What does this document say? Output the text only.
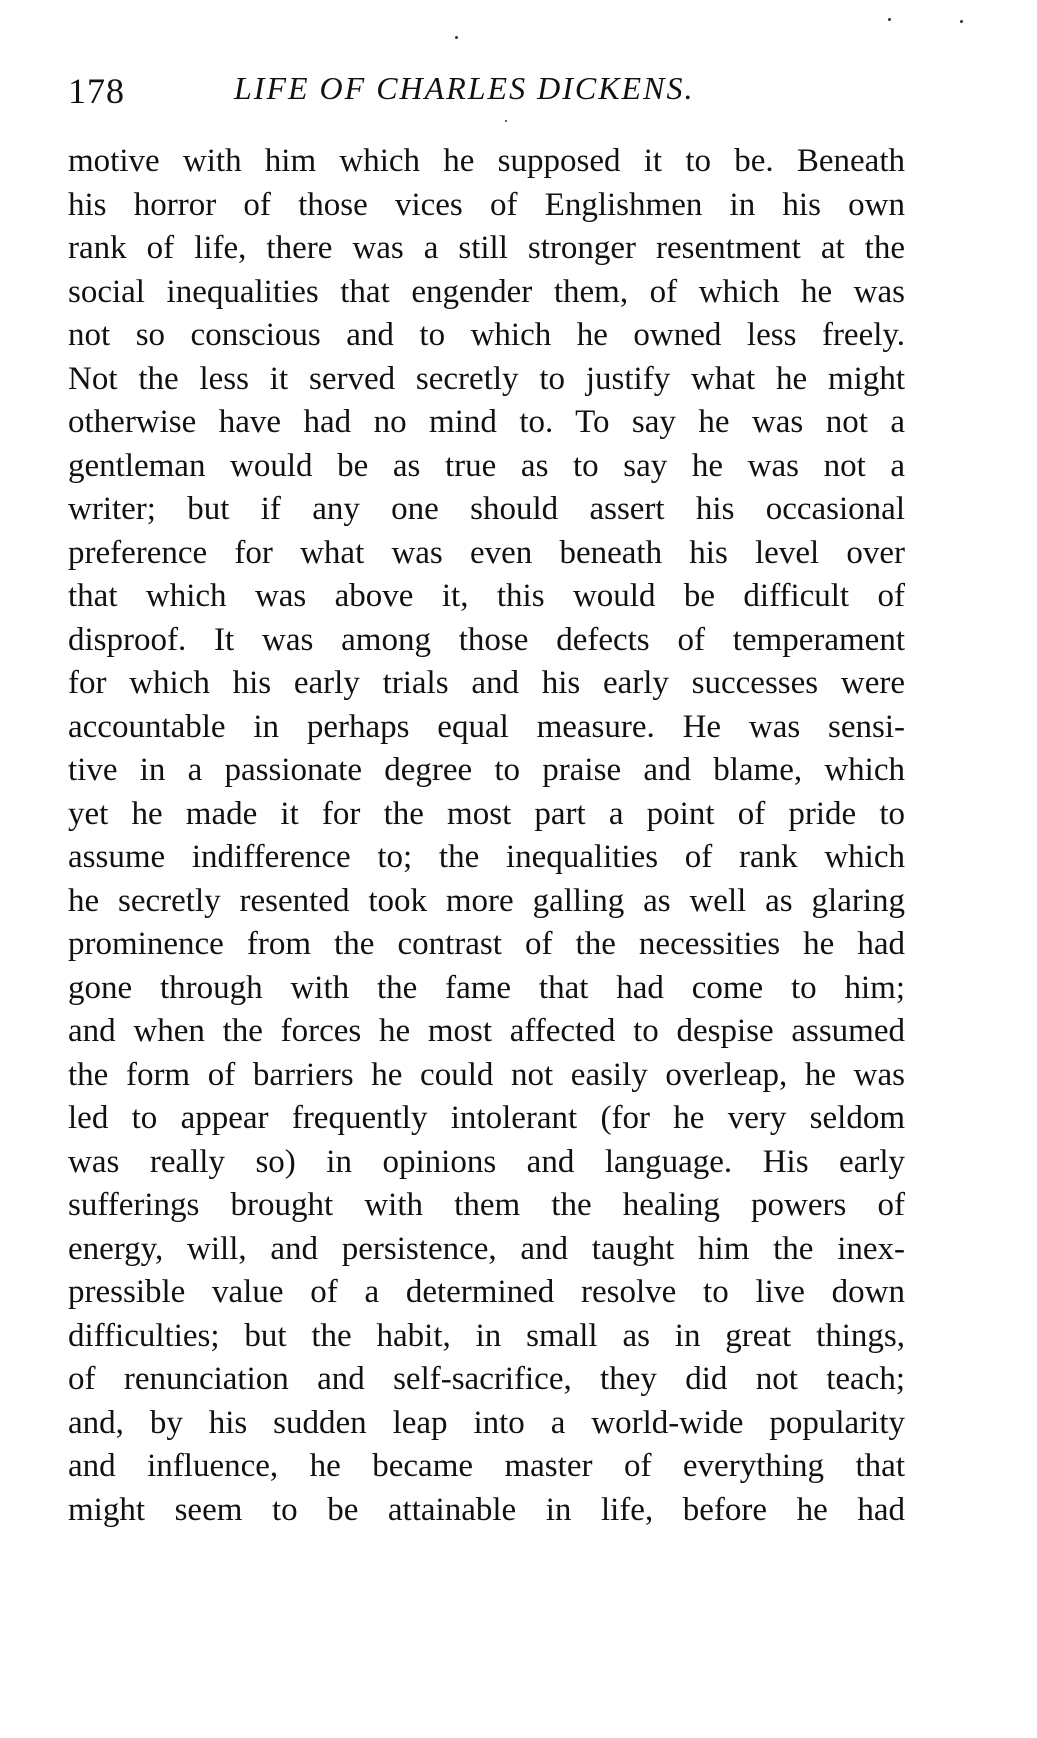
178	LIFE OF CHARLES DICKENS.
motive with him which he supposed it to be. Beneath
his horror of those vices of Englishmen in his own
rank of life, there was a still stronger resentment at the
social inequalities that engender them, of which he was
not so conscious and to which he owned less freely.
Not the less it served secretly to justify what he might
otherwise have had no mind to. To say he was not a
gentleman would be as true as to say he was not a
writer; but if any one should assert his occasional
preference for what was even beneath his level over
that which was above it, this would be difficult of
disproof. It was among those defects of temperament
for which his early trials and his early successes were
accountable in perhaps equal measure. He was sensi-
tive in a passionate degree to praise and blame, which
yet he made it for the most part a point of pride to
assume indifference to; the inequalities of rank which
he secretly resented took more galling as well as glaring
prominence from the contrast of the necessities he had
gone through with the fame that had come to him;
and when the forces he most affected to despise assumed
the form of barriers he could not easily overleap, he was
led to appear frequently intolerant (for he very seldom
was really so) in opinions and language. His early
sufferings brought with them the healing powers of
energy, will, and persistence, and taught him the inex-
pressible value of a determined resolve to live down
difficulties; but the habit, in small as in great things,
of renunciation and self-sacrifice, they did not teach;
and, by his sudden leap into a world-wide popularity
and influence, he became master of everything that
might seem to be attainable in life, before he had
